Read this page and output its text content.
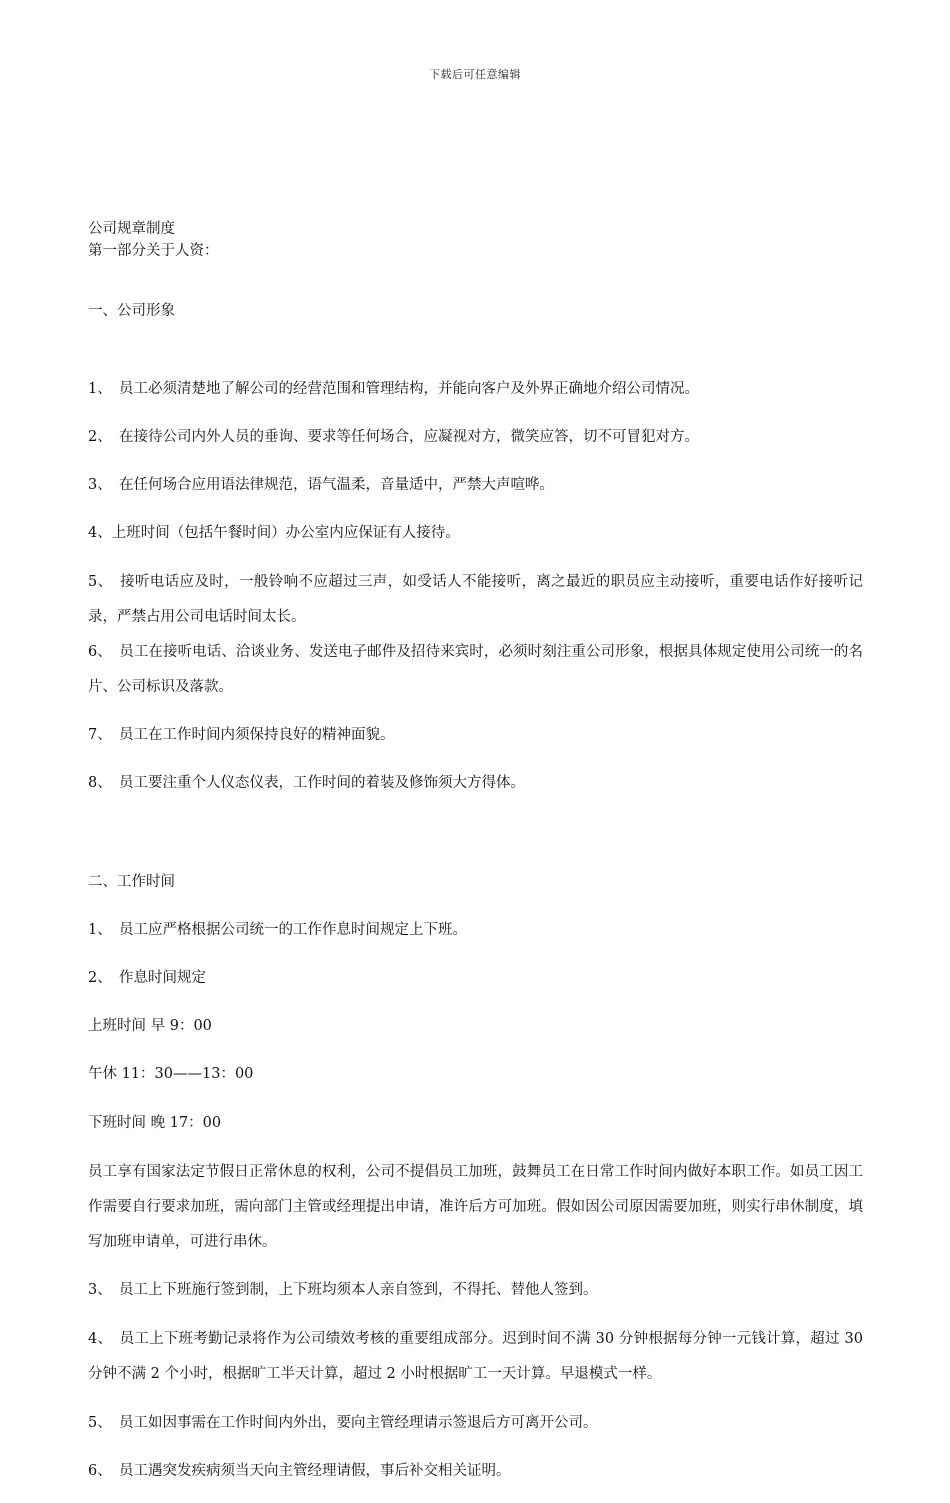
下载后可任意编辑

公司规章制度

第一部分关于人资：

一、公司形象

1、　员工必须清楚地了解公司的经营范围和管理结构，并能向客户及外界正确地介绍公司情况。

2、　在接待公司内外人员的垂询、要求等任何场合，应凝视对方，微笑应答，切不可冒犯对方。

3、　在任何场合应用语法律规范，语气温柔，音量适中，严禁大声喧哗。

4、上班时间（包括午餐时间）办公室内应保证有人接待。

5、　接听电话应及时，一般铃响不应超过三声，如受话人不能接听，离之最近的职员应主动接听，重要电话作好接听记录，严禁占用公司电话时间太长。

6、　员工在接听电话、洽谈业务、发送电子邮件及招待来宾时，必须时刻注重公司形象，根据具体规定使用公司统一的名片、公司标识及落款。

7、　员工在工作时间内须保持良好的精神面貌。

8、　员工要注重个人仪态仪表，工作时间的着装及修饰须大方得体。

二、工作时间

1、　员工应严格根据公司统一的工作作息时间规定上下班。

2、　作息时间规定

上班时间 早 9：00

午休 11：30——13：00

下班时间 晚 17：00

员工享有国家法定节假日正常休息的权利，公司不提倡员工加班，鼓舞员工在日常工作时间内做好本职工作。如员工因工作需要自行要求加班，需向部门主管或经理提出申请，准许后方可加班。假如因公司原因需要加班，则实行串休制度，填写加班申请单，可进行串休。

3、　员工上下班施行签到制，上下班均须本人亲自签到，不得托、替他人签到。

4、　员工上下班考勤记录将作为公司绩效考核的重要组成部分。迟到时间不满 30 分钟根据每分钟一元钱计算，超过 30 分钟不满 2 个小时，根据旷工半天计算，超过 2 小时根据旷工一天计算。早退模式一样。

5、　员工如因事需在工作时间内外出，要向主管经理请示签退后方可离开公司。

6、　员工遇突发疾病须当天向主管经理请假，事后补交相关证明。
